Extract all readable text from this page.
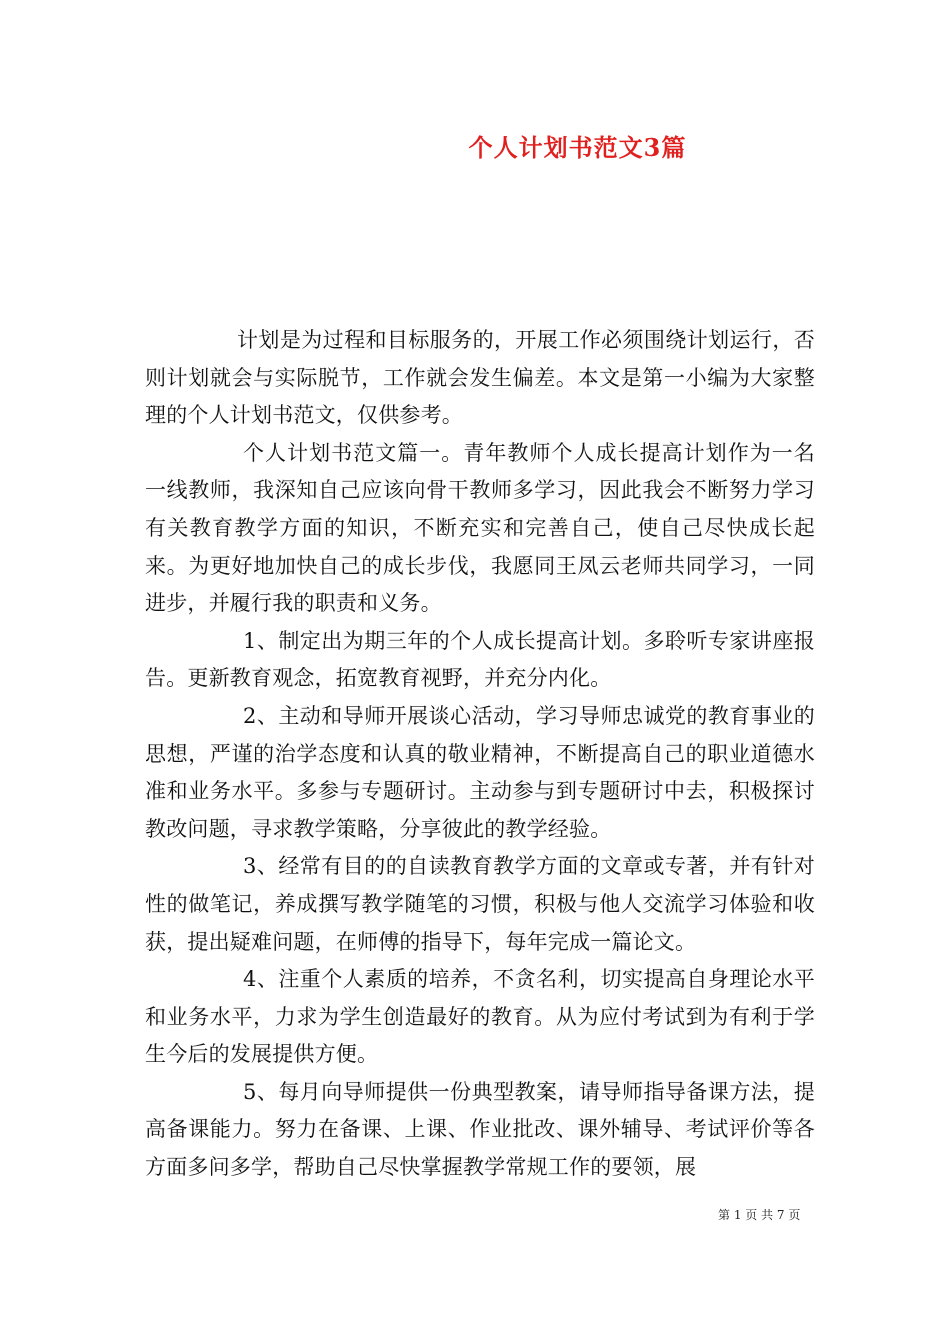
个人计划书范文3篇

计划是为过程和目标服务的，开展工作必须围绕计划运行，否则计划就会与实际脱节，工作就会发生偏差。本文是第一小编为大家整理的个人计划书范文，仅供参考。

个人计划书范文篇一。青年教师个人成长提高计划作为一名一线教师，我深知自己应该向骨干教师多学习，因此我会不断努力学习有关教育教学方面的知识，不断充实和完善自己，使自己尽快成长起来。为更好地加快自己的成长步伐，我愿同王凤云老师共同学习，一同进步，并履行我的职责和义务。

1、制定出为期三年的个人成长提高计划。多聆听专家讲座报告。更新教育观念，拓宽教育视野，并充分内化。

2、主动和导师开展谈心活动，学习导师忠诚党的教育事业的思想，严谨的治学态度和认真的敬业精神，不断提高自己的职业道德水准和业务水平。多参与专题研讨。主动参与到专题研讨中去，积极探讨教改问题，寻求教学策略，分享彼此的教学经验。

3、经常有目的的自读教育教学方面的文章或专著，并有针对性的做笔记，养成撰写教学随笔的习惯，积极与他人交流学习体验和收获，提出疑难问题，在师傅的指导下，每年完成一篇论文。

4、注重个人素质的培养，不贪名利，切实提高自身理论水平和业务水平，力求为学生创造最好的教育。从为应付考试到为有利于学生今后的发展提供方便。

5、每月向导师提供一份典型教案，请导师指导备课方法，提高备课能力。努力在备课、上课、作业批改、课外辅导、考试评价等各方面多问多学，帮助自己尽快掌握教学常规工作的要领，展

第 1 页 共 7 页
